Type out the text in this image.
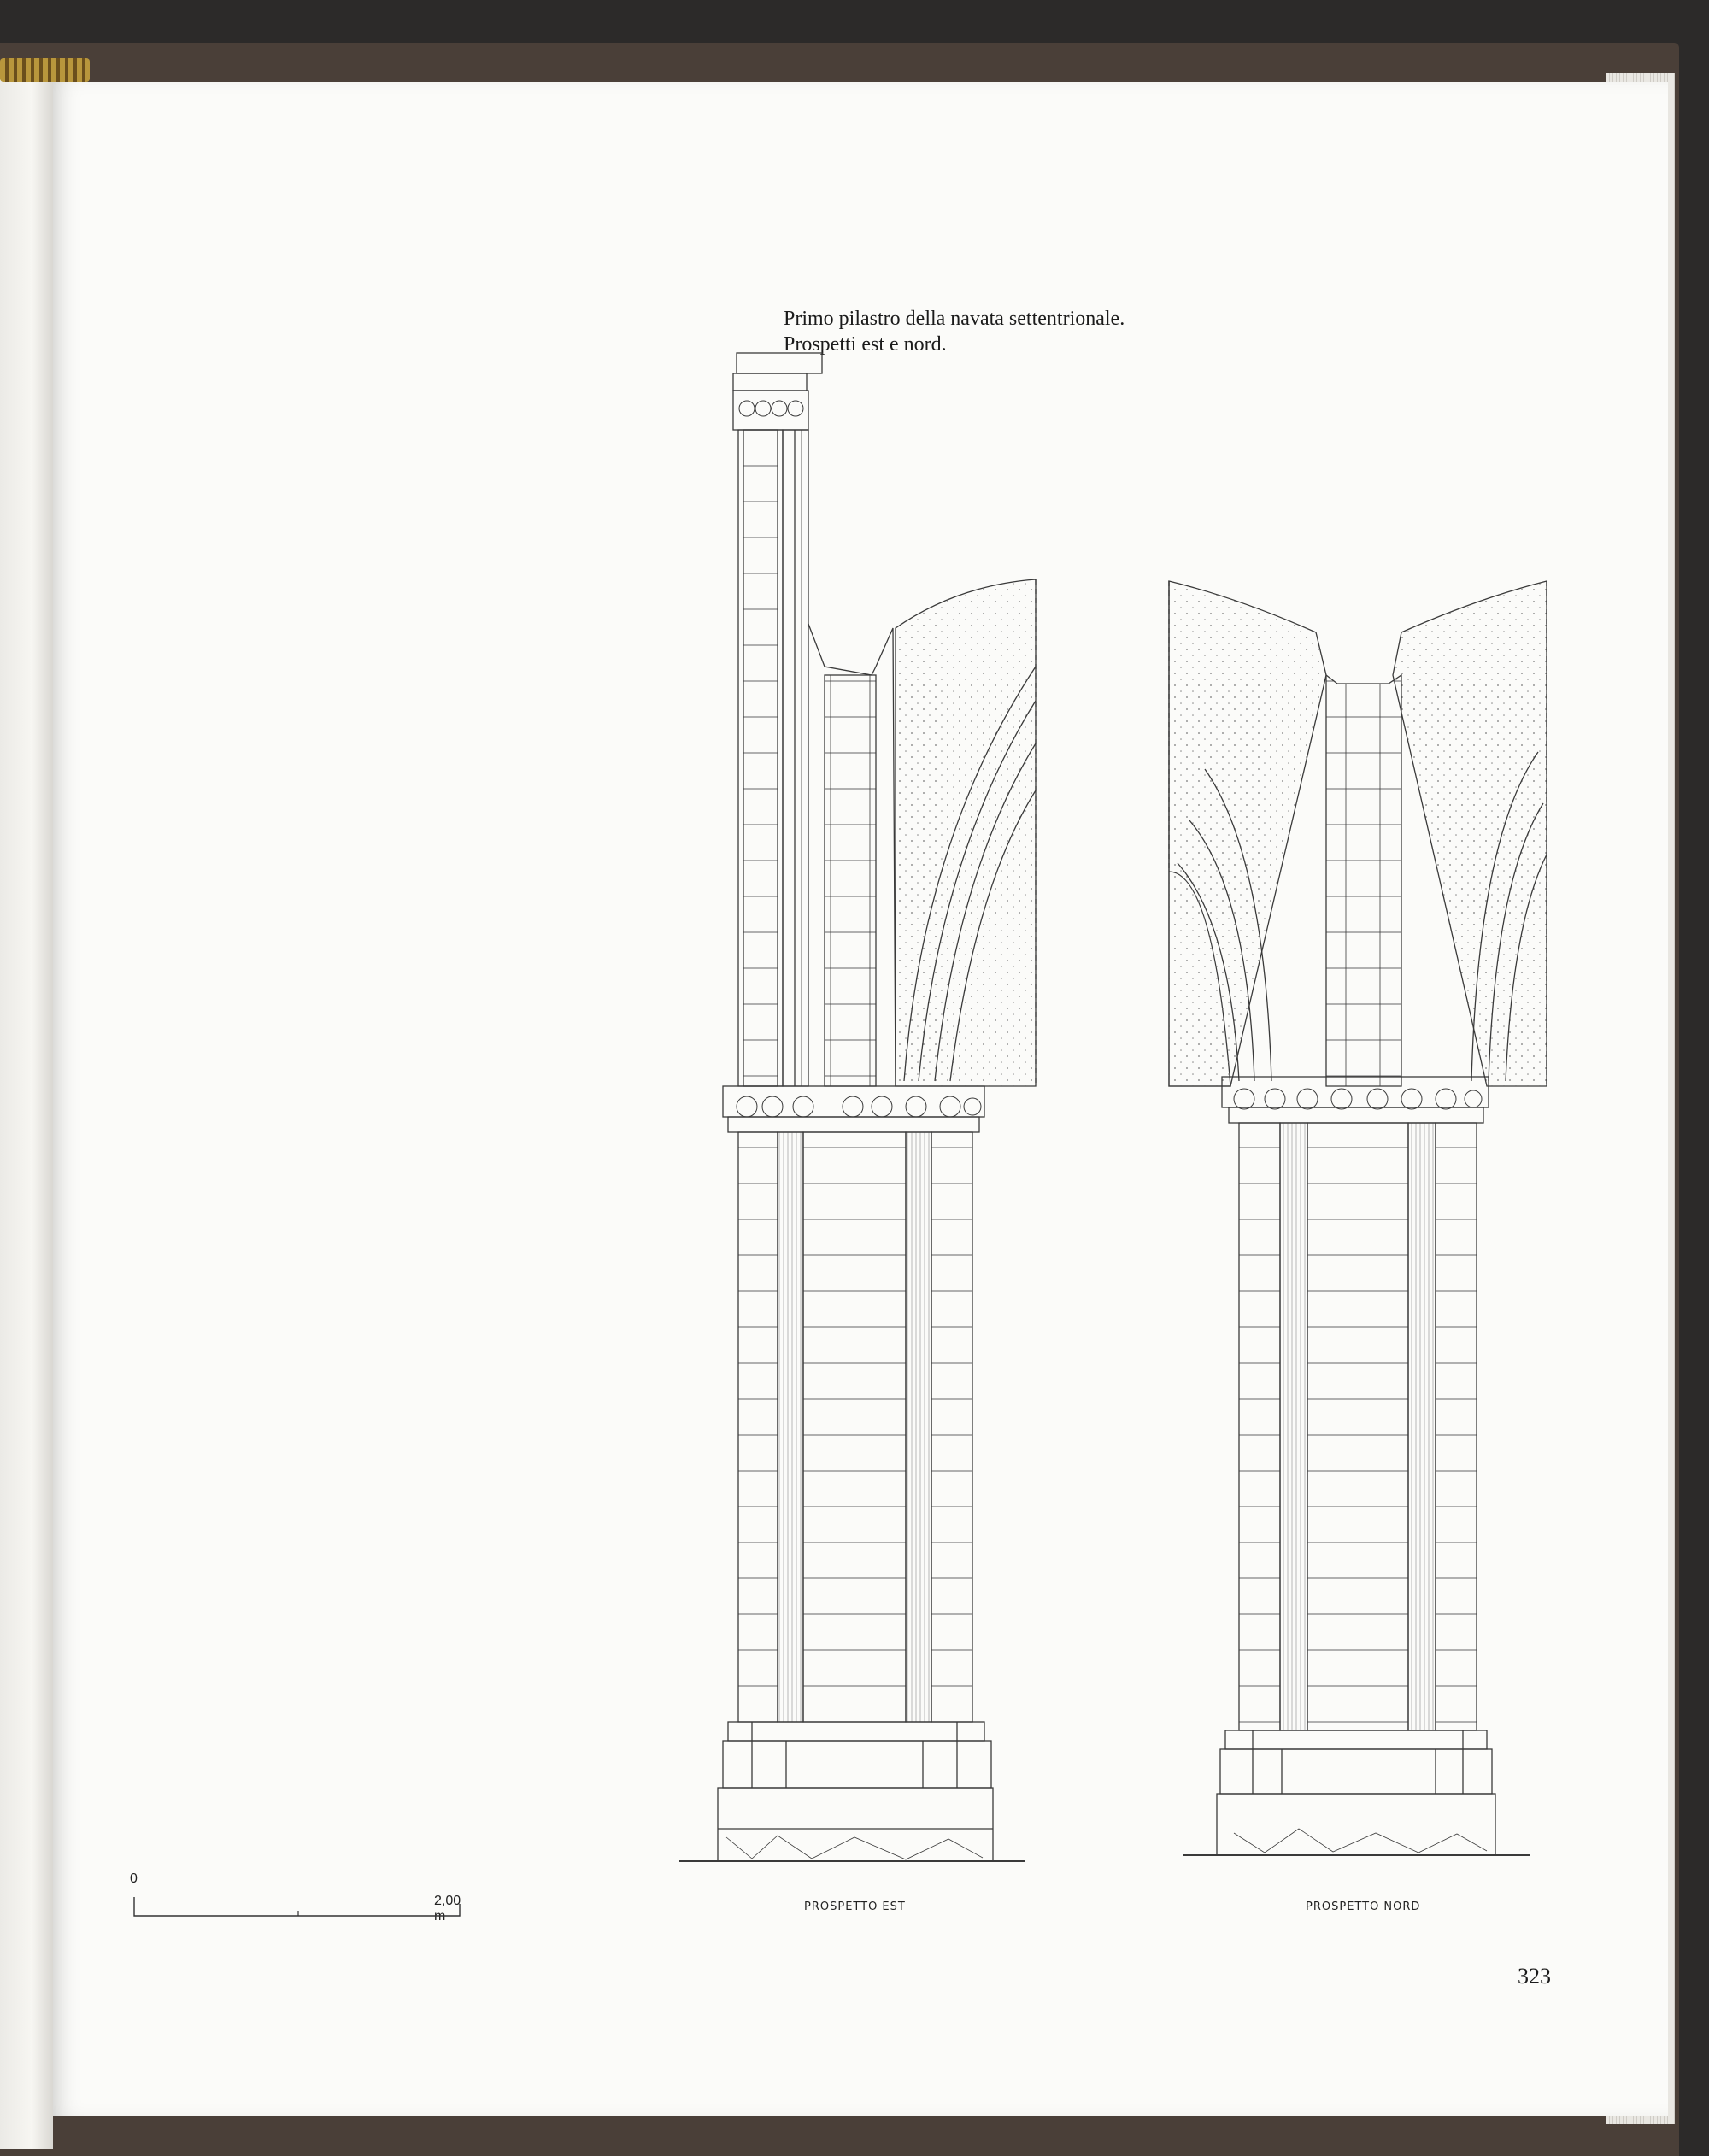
Primo pilastro della navata settentrionale.
Prospetti est e nord.
PROSPETTO EST	PROSPETTO NORD
0
2,00 m
323
